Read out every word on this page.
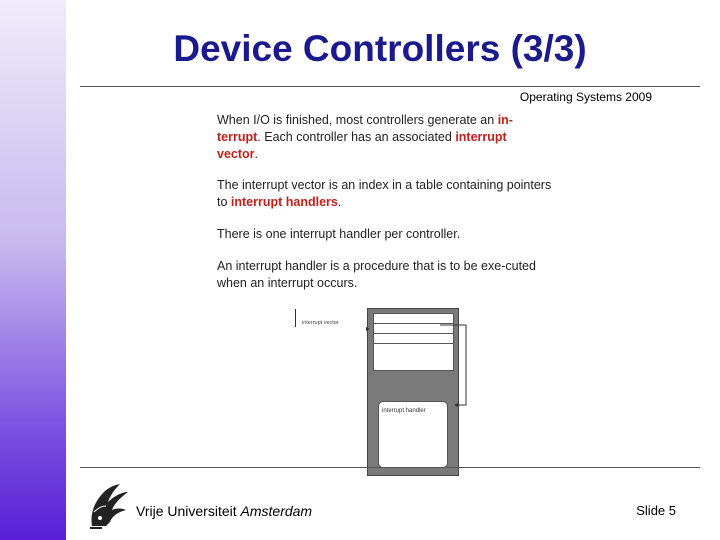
Device Controllers (3/3)
Operating Systems 2009

When I/O is finished, most controllers generate an in-
terrupt. Each controller has an associated interrupt
vector.

The interrupt vector is an index in a table containing pointers to interrupt handlers.

There is one interrupt handler per controller.

An interrupt handler is a procedure that is to be exe-cuted when an interrupt occurs.

interrupt vector
interrupt handler
Vrije Universiteit Amsterdam	Slide 5
